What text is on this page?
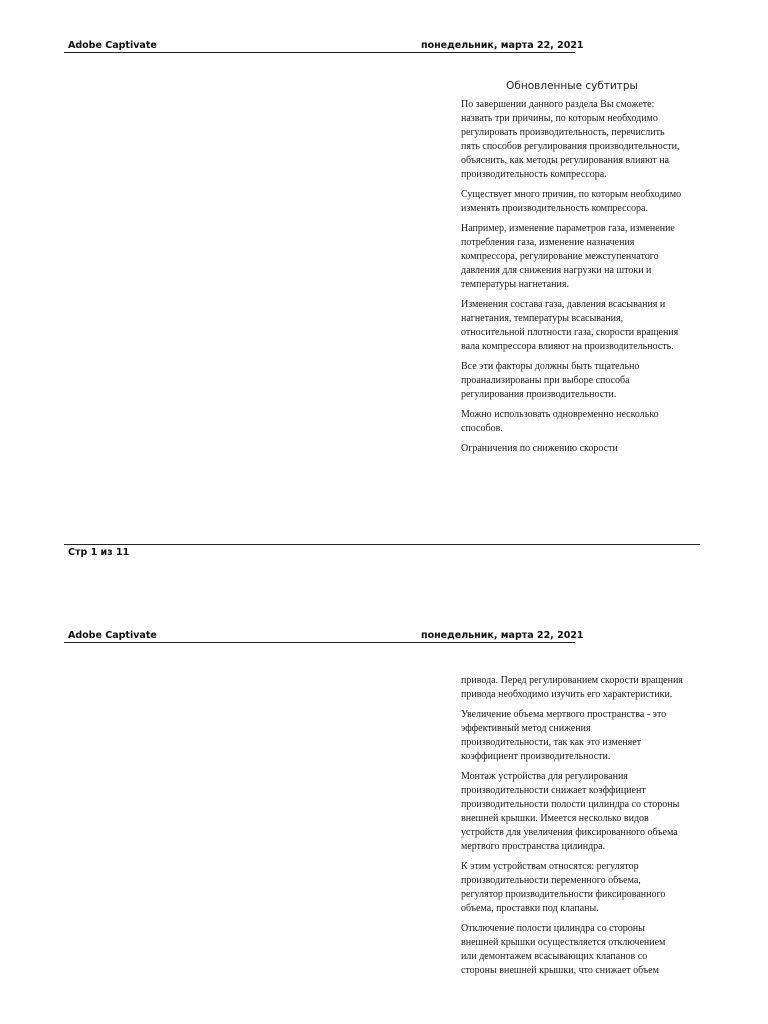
Adobe Captivate	понедельник, марта 22, 2021
Обновленные субтитры

По завершении данного раздела Вы сможете: назвать три причины, по которым необходимо регулировать производительность, перечислить пять способов регулирования производительности, объяснить, как методы регулирования влияют на производительность компрессора.

Существует много причин, по которым необходимо изменять производительность компрессора.

Например, изменение параметров газа, изменение потребления газа, изменение назначения компрессора, регулирование межступенчатого давления для снижения нагрузки на штоки и температуры нагнетания.

Изменения состава газа, давления всасывания и нагнетания, температуры всасывания, относительной плотности газа, скорости вращения вала компрессора влияют на производительность.

Все эти факторы должны быть тщательно проанализированы при выборе способа регулирования производительности.

Можно использовать одновременно несколько способов.

Ограничения по снижению скорости

Стр 1 из 11
Adobe Captivate	понедельник, марта 22, 2021

привода. Перед регулированием скорости вращения привода необходимо изучить его характеристики.

Увеличение объема мертвого пространства - это эффективный метод снижения производительности, так как это изменяет коэффициент производительности.

Монтаж устройства для регулирования производительности снижает коэффициент производительности полости цилиндра со стороны внешней крышки. Имеется несколько видов устройств для увеличения фиксированного объема мертвого пространства цилиндра.

К этим устройствам относятся: регулятор производительности переменного объема, регулятор производительности фиксированного объема, проставки под клапаны.

Отключение полости цилиндра со стороны внешней крышки осуществляется отключением или демонтажем всасывающих клапанов со стороны внешней крышки, что снижает объем
